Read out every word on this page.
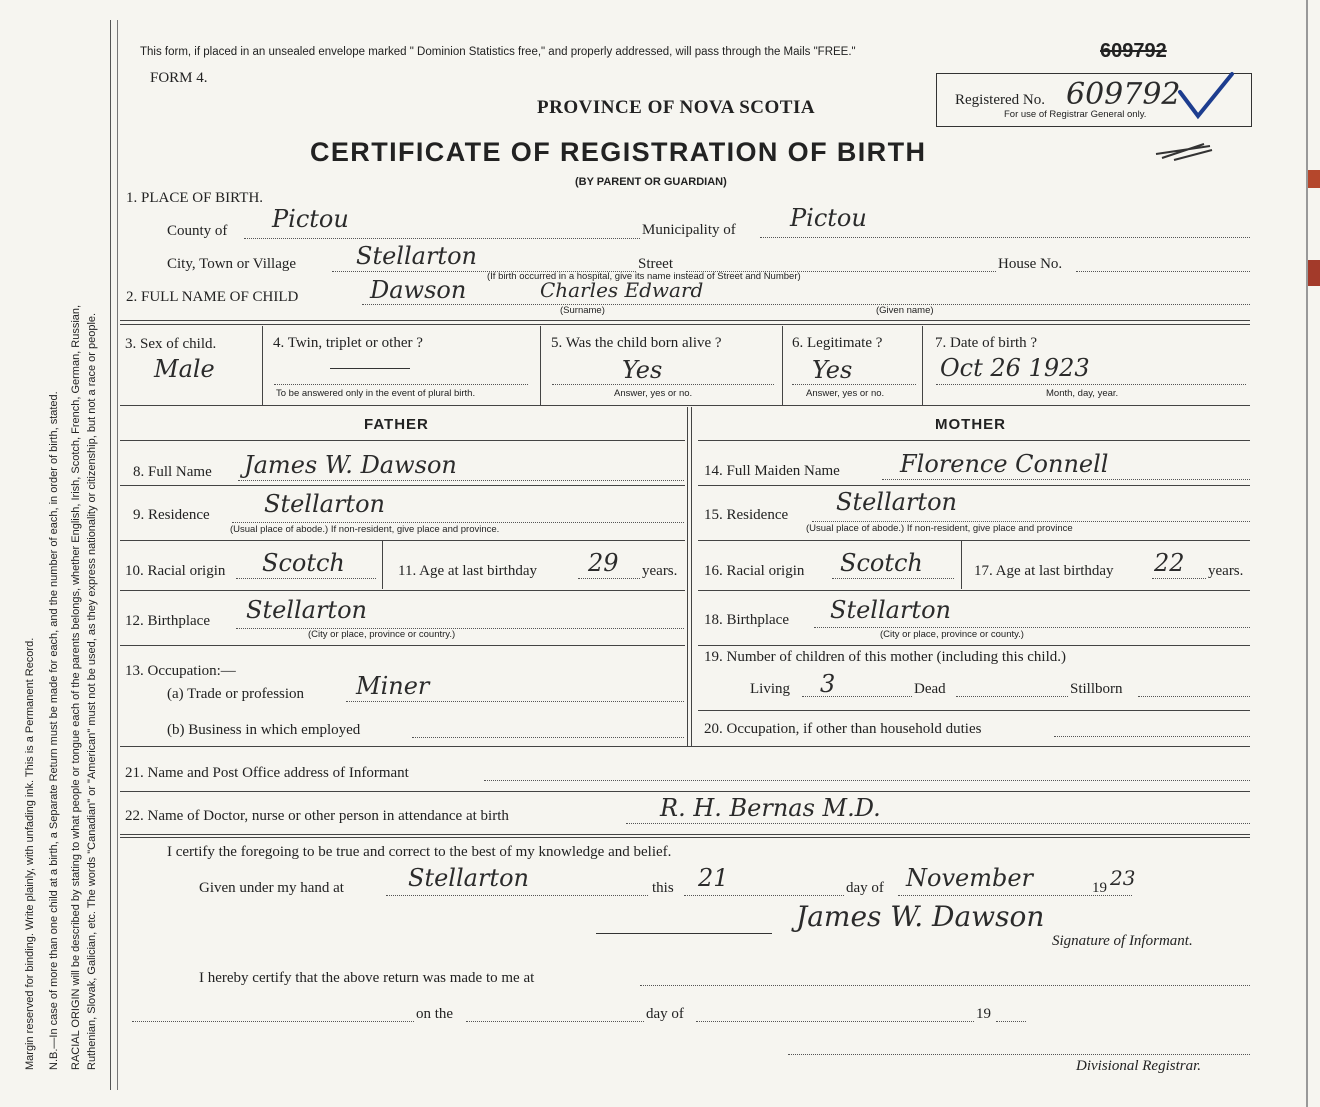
Margin reserved for binding. Write plainly, with unfading ink. This is a Permanent Record. N.B.—In case of more than one child at a birth, a Separate Return must be made for each, and the number of each, in order of birth, stated. RACIAL ORIGIN will be described by stating to what people or tongue each of the parents belongs, whether English, Irish, Scotch, French, German, Russian, Ruthenian, Slovak, Galician, etc. The words "Canadian" or "American" must not be used, as they express nationality or citizenship, but not a race or people.
This form, if placed in an unsealed envelope marked " Dominion Statistics free," and properly addressed, will pass through the Mails "FREE."
FORM 4.
609792
Registered No. 609792
For use of Registrar General only.
PROVINCE OF NOVA SCOTIA
CERTIFICATE OF REGISTRATION OF BIRTH
(BY PARENT OR GUARDIAN)
1. PLACE OF BIRTH.
County of Pictou	Municipality of Pictou
City, Town or Village Stellarton	Street	House No.
(If birth occurred in a hospital, give its name instead of Street and Number)
2. FULL NAME OF CHILD	Dawson	Charles Edward
(Surname)	(Given name)
3. Sex of child.
Male
4. Twin, triplet or other ?
To be answered only in the event of plural birth.
5. Was the child born alive ?
Yes
Answer, yes or no.
6. Legitimate ?
Yes
Answer, yes or no.
7. Date of birth ?
Oct 26 1923
Month, day, year.
FATHER	MOTHER
8. Full Name James W. Dawson
9. Residence Stellarton
(Usual place of abode.) If non-resident, give place and province.
10. Racial origin Scotch	11. Age at last birthday 29 years.
12. Birthplace Stellarton
(City or place, province or country.)
13. Occupation:—
(a) Trade or profession Miner
(b) Business in which employed
14. Full Maiden Name	Florence Connell
15. Residence Stellarton
(Usual place of abode.) If non-resident, give place and province
16. Racial origin Scotch	17. Age at last birthday 22 years.
18. Birthplace Stellarton
(City or place, province or county.)
19. Number of children of this mother (including this child.)
Living 3	Dead	Stillborn
20. Occupation, if other than household duties
21. Name and Post Office address of Informant
22. Name of Doctor, nurse or other person in attendance at birth	R. H. Bernas M.D.
I certify the foregoing to be true and correct to the best of my knowledge and belief.
Given under my hand at	Stellarton	this 21	day of November	19 23
James W. Dawson
Signature of Informant.
I hereby certify that the above return was made to me at
on the	day of	19
Divisional Registrar.
